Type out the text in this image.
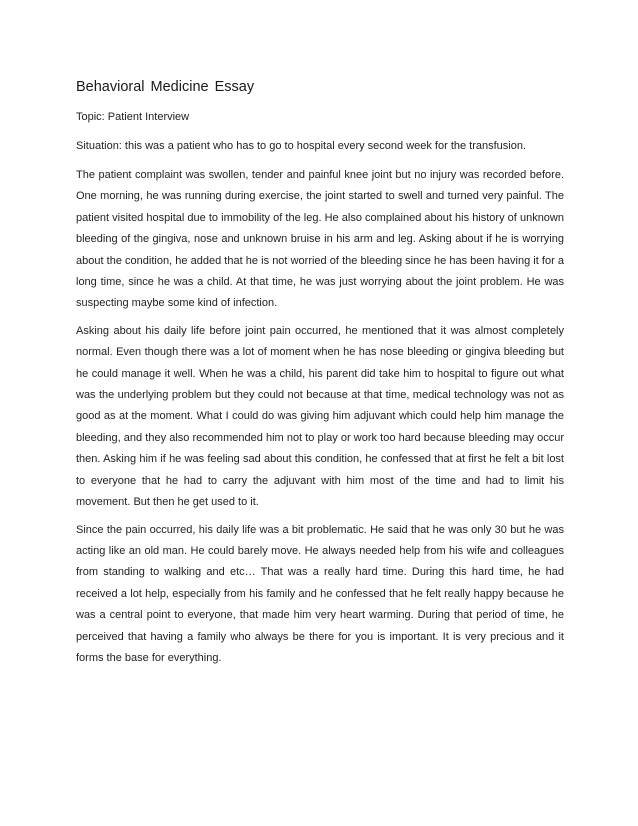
Behavioral Medicine Essay
Topic: Patient Interview
Situation: this was a patient who has to go to hospital every second week for the transfusion.

The patient complaint was swollen, tender and painful knee joint but no injury was recorded before. One morning, he was running during exercise, the joint started to swell and turned very painful. The patient visited hospital due to immobility of the leg. He also complained about his history of unknown bleeding of the gingiva, nose and unknown bruise in his arm and leg. Asking about if he is worrying about the condition, he added that he is not worried of the bleeding since he has been having it for a long time, since he was a child. At that time, he was just worrying about the joint problem. He was suspecting maybe some kind of infection.

Asking about his daily life before joint pain occurred, he mentioned that it was almost completely normal. Even though there was a lot of moment when he has nose bleeding or gingiva bleeding but he could manage it well. When he was a child, his parent did take him to hospital to figure out what was the underlying problem but they could not because at that time, medical technology was not as good as at the moment. What I could do was giving him adjuvant which could help him manage the bleeding, and they also recommended him not to play or work too hard because bleeding may occur then. Asking him if he was feeling sad about this condition, he confessed that at first he felt a bit lost to everyone that he had to carry the adjuvant with him most of the time and had to limit his movement. But then he get used to it.

Since the pain occurred, his daily life was a bit problematic. He said that he was only 30 but he was acting like an old man. He could barely move. He always needed help from his wife and colleagues from standing to walking and etc… That was a really hard time. During this hard time, he had received a lot help, especially from his family and he confessed that he felt really happy because he was a central point to everyone, that made him very heart warming. During that period of time, he perceived that having a family who always be there for you is important. It is very precious and it forms the base for everything.
